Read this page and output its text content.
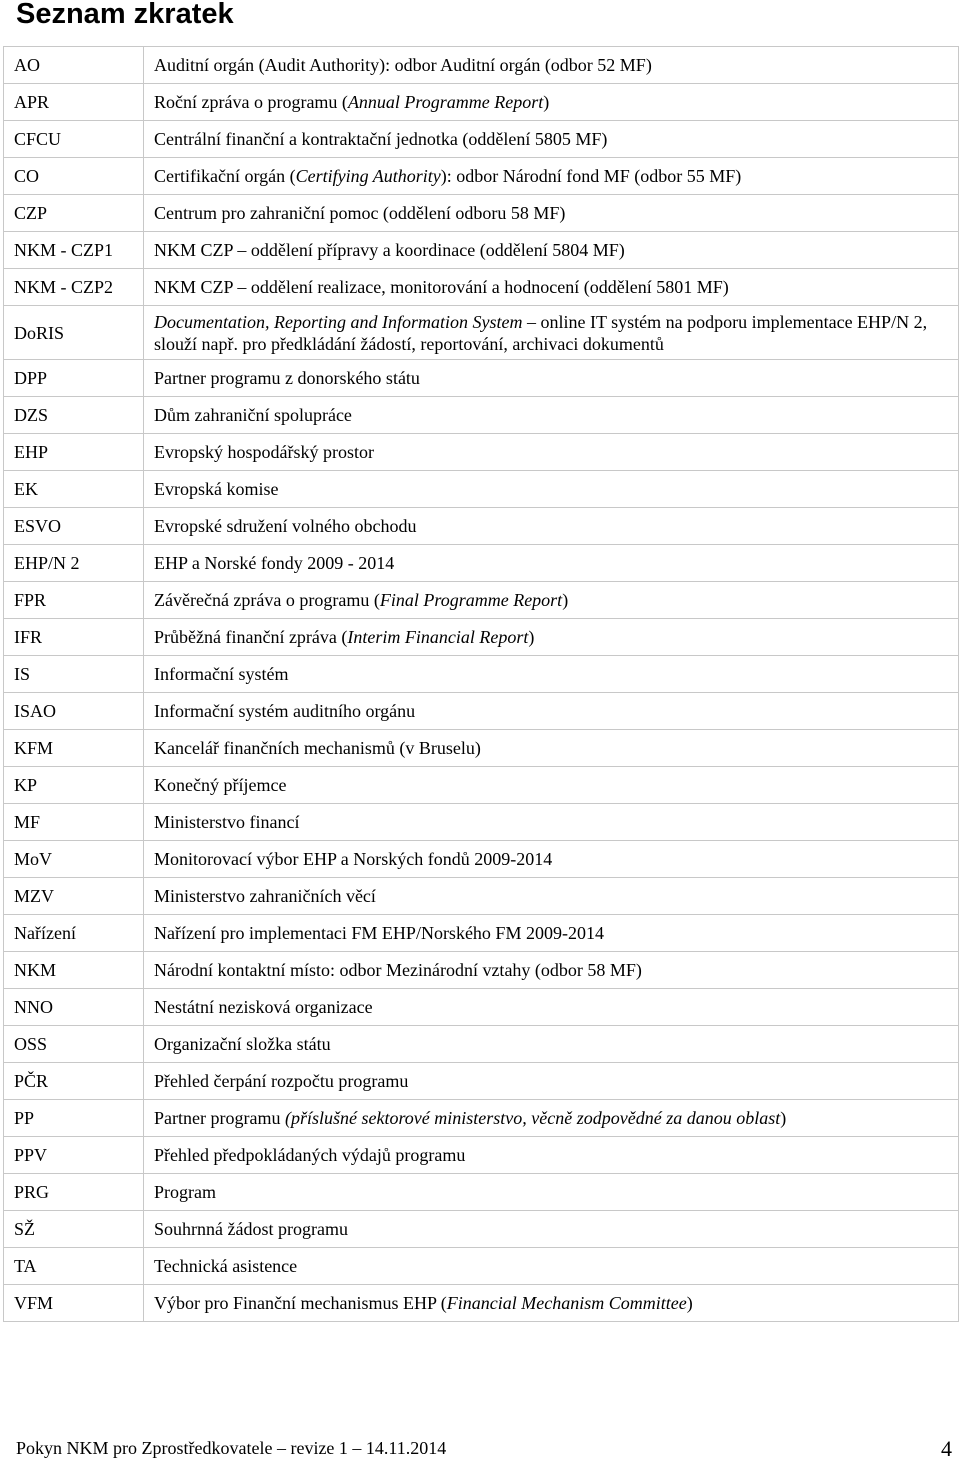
Seznam zkratek
AO	Auditní orgán (Audit Authority): odbor Auditní orgán (odbor 52 MF)
APR	Roční zpráva o programu (Annual Programme Report)
CFCU	Centrální finanční a kontraktační jednotka (oddělení 5805 MF)
CO	Certifikační orgán (Certifying Authority): odbor Národní fond MF (odbor 55 MF)
CZP	Centrum pro zahraniční pomoc (oddělení odboru 58 MF)
NKM - CZP1	NKM CZP – oddělení přípravy a koordinace (oddělení 5804 MF)
NKM - CZP2	NKM CZP – oddělení realizace, monitorování a hodnocení (oddělení 5801 MF)
DoRIS	Documentation, Reporting and Information System – online IT systém na podporu implementace EHP/N 2, slouží např. pro předkládání žádostí, reportování, archivaci dokumentů
DPP	Partner programu z donorského státu
DZS	Dům zahraniční spolupráce
EHP	Evropský hospodářský prostor
EK	Evropská komise
ESVO	Evropské sdružení volného obchodu
EHP/N 2	EHP a Norské fondy 2009 - 2014
FPR	Závěrečná zpráva o programu (Final Programme Report)
IFR	Průběžná finanční zpráva (Interim Financial Report)
IS	Informační systém
ISAO	Informační systém auditního orgánu
KFM	Kancelář finančních mechanismů (v Bruselu)
KP	Konečný příjemce
MF	Ministerstvo financí
MoV	Monitorovací výbor EHP a Norských fondů 2009-2014
MZV	Ministerstvo zahraničních věcí
Nařízení	Nařízení pro implementaci FM EHP/Norského FM 2009-2014
NKM	Národní kontaktní místo: odbor Mezinárodní vztahy (odbor 58 MF)
NNO	Nestátní nezisková organizace
OSS	Organizační složka státu
PČR	Přehled čerpání rozpočtu programu
PP	Partner programu (příslušné sektorové ministerstvo, věcně zodpovědné za danou oblast)
PPV	Přehled předpokládaných výdajů programu
PRG	Program
SŽ	Souhrnná žádost programu
TA	Technická asistence
VFM	Výbor pro Finanční mechanismus EHP (Financial Mechanism Committee)
Pokyn NKM pro Zprostředkovatele – revize 1 – 14.11.2014	4
